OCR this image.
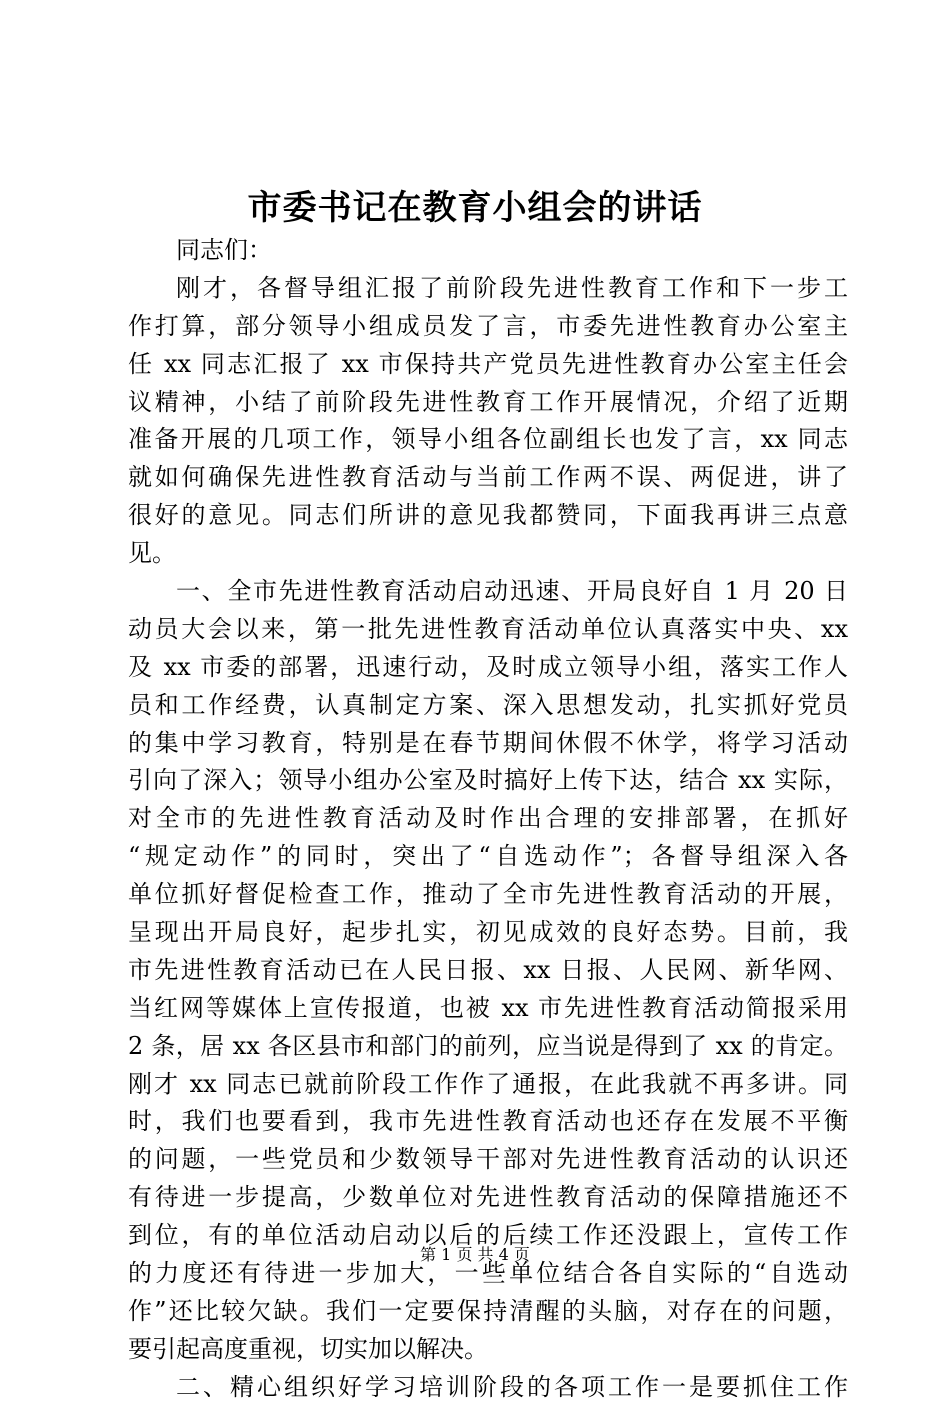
市委书记在教育小组会的讲话
同志们：
刚才，各督导组汇报了前阶段先进性教育工作和下一步工
作打算，部分领导小组成员发了言，市委先进性教育办公室主
任 xx 同志汇报了 xx 市保持共产党员先进性教育办公室主任会
议精神，小结了前阶段先进性教育工作开展情况，介绍了近期
准备开展的几项工作，领导小组各位副组长也发了言，xx 同志
就如何确保先进性教育活动与当前工作两不误、两促进，讲了
很好的意见。同志们所讲的意见我都赞同，下面我再讲三点意
见。
一、全市先进性教育活动启动迅速、开局良好自 1 月 20 日
动员大会以来，第一批先进性教育活动单位认真落实中央、xx
及 xx 市委的部署，迅速行动，及时成立领导小组，落实工作人
员和工作经费，认真制定方案、深入思想发动，扎实抓好党员
的集中学习教育，特别是在春节期间休假不休学，将学习活动
引向了深入；领导小组办公室及时搞好上传下达，结合 xx 实际，
对全市的先进性教育活动及时作出合理的安排部署，在抓好
“规定动作”的同时，突出了“自选动作”；各督导组深入各
单位抓好督促检查工作，推动了全市先进性教育活动的开展，
呈现出开局良好，起步扎实，初见成效的良好态势。目前，我
市先进性教育活动已在人民日报、xx 日报、人民网、新华网、
当红网等媒体上宣传报道，也被 xx 市先进性教育活动简报采用
2 条，居 xx 各区县市和部门的前列，应当说是得到了 xx 的肯定。
刚才 xx 同志已就前阶段工作作了通报，在此我就不再多讲。同
时，我们也要看到，我市先进性教育活动也还存在发展不平衡
的问题，一些党员和少数领导干部对先进性教育活动的认识还
有待进一步提高，少数单位对先进性教育活动的保障措施还不
到位，有的单位活动启动以后的后续工作还没跟上，宣传工作
的力度还有待进一步加大，一些单位结合各自实际的“自选动
作”还比较欠缺。我们一定要保持清醒的头脑，对存在的问题，
要引起高度重视，切实加以解决。
二、精心组织好学习培训阶段的各项工作一是要抓住工作
第 1 页 共 4 页
